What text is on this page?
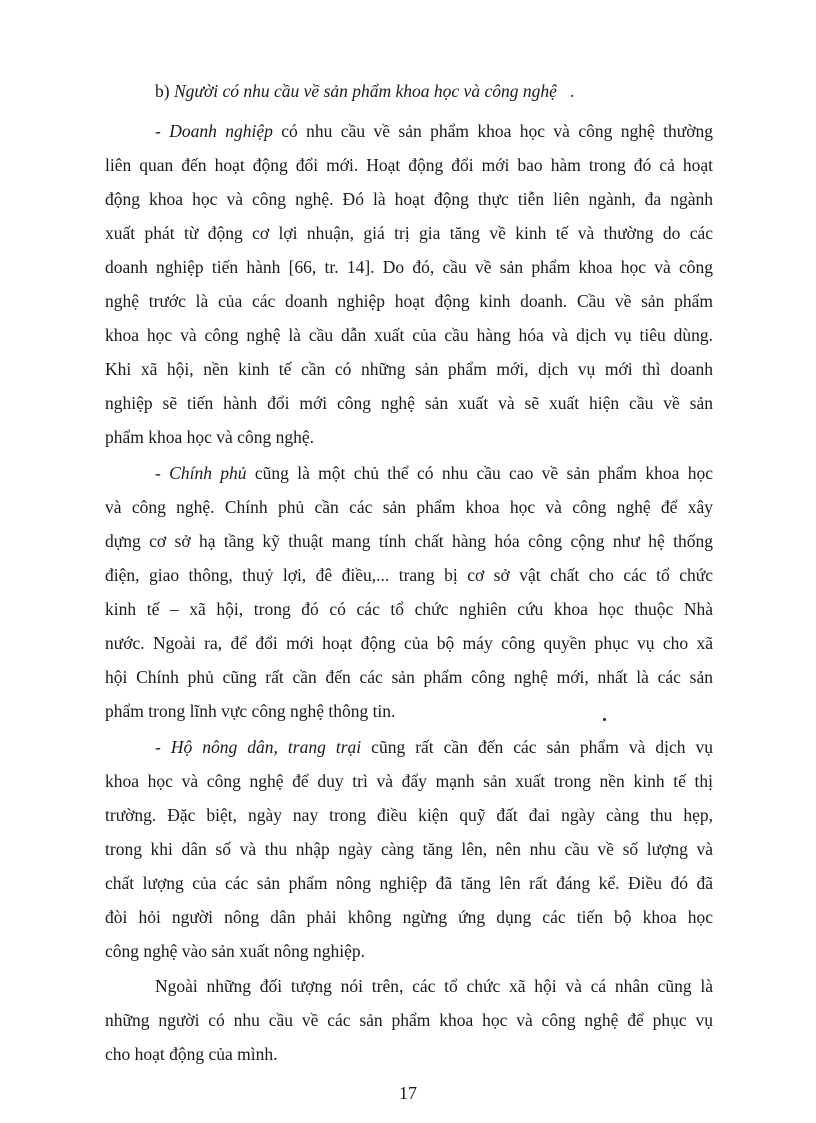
b) Người có nhu cầu về sản phẩm khoa học và công nghệ   .
- Doanh nghiệp có nhu cầu về sản phẩm khoa học và công nghệ thường
liên quan đến hoạt động đổi mới. Hoạt động đổi mới bao hàm trong đó cả hoạt
động khoa học và công nghệ. Đó là hoạt động thực tiễn liên ngành, đa ngành
xuất phát từ động cơ lợi nhuận, giá trị gia tăng về kinh tế và thường do các
doanh nghiệp tiến hành [66, tr. 14]. Do đó, cầu về sản phẩm khoa học và công
nghệ trước là của các doanh nghiệp hoạt động kinh doanh. Cầu về sản phẩm
khoa học và công nghệ là cầu dẫn xuất của cầu hàng hóa và dịch vụ tiêu dùng.
Khi xã hội, nền kinh tế cần có những sản phẩm mới, dịch vụ mới thì doanh
nghiệp sẽ tiến hành đổi mới công nghệ sản xuất và sẽ xuất hiện cầu về sản
phẩm khoa học và công nghệ.
- Chính phủ cũng là một chủ thể có nhu cầu cao về sản phẩm khoa học
và công nghệ. Chính phủ cần các sản phẩm khoa học và công nghệ để xây
dựng cơ sở hạ tầng kỹ thuật mang tính chất hàng hóa công cộng như hệ thống
điện, giao thông, thuỷ lợi, đê điều,... trang bị cơ sở vật chất cho các tổ chức
kinh tế – xã hội, trong đó có các tổ chức nghiên cứu khoa học thuộc Nhà
nước. Ngoài ra, để đổi mới hoạt động của bộ máy công quyền phục vụ cho xã
hội Chính phủ cũng rất cần đến các sản phẩm công nghệ mới, nhất là các sản
phẩm trong lĩnh vực công nghệ thông tin.
- Hộ nông dân, trang trại cũng rất cần đến các sản phẩm và dịch vụ
khoa học và công nghệ để duy trì và đẩy mạnh sản xuất trong nền kinh tế thị
trường. Đặc biệt, ngày nay trong điều kiện quỹ đất đai ngày càng thu hẹp,
trong khi dân số và thu nhập ngày càng tăng lên, nên nhu cầu về số lượng và
chất lượng của các sản phẩm nông nghiệp đã tăng lên rất đáng kể. Điều đó đã
đòi hỏi người nông dân phải không ngừng ứng dụng các tiến bộ khoa học
công nghệ vào sản xuất nông nghiệp.
Ngoài những đối tượng nói trên, các tổ chức xã hội và cá nhân cũng là
những người có nhu cầu về các sản phẩm khoa học và công nghệ để phục vụ
cho hoạt động của mình.
17
